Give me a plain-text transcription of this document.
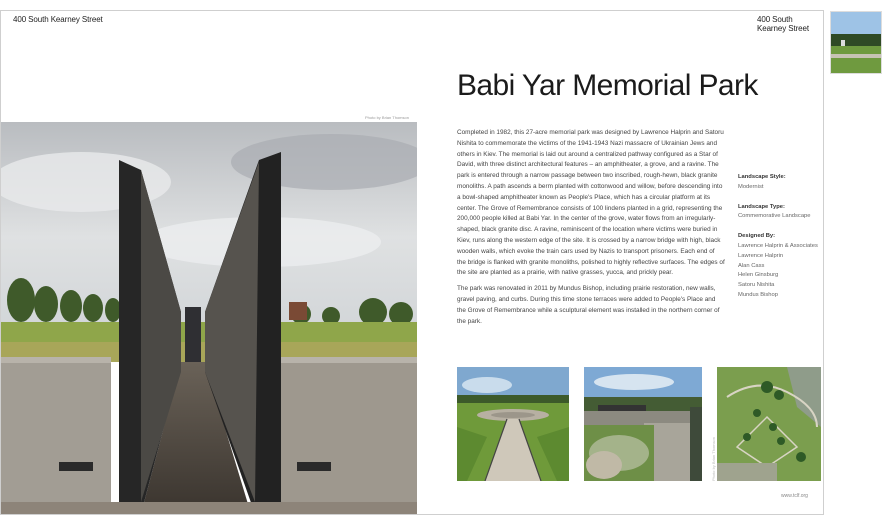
400 South Kearney Street	400 South Kearney Street
Photo by Brian Thomson
Babi Yar Memorial Park

Completed in 1982, this 27-acre memorial park was designed by Lawrence Halprin and Satoru Nishita to commemorate the victims of the 1941-1943 Nazi massacre of Ukrainian Jews and others in Kiev. The memorial is laid out around a centralized pathway configured as a Star of David, with three distinct architectural features – an amphitheater, a grove, and a ravine. The park is entered through a narrow passage between two inscribed, rough-hewn, black granite monoliths. A path ascends a berm planted with cottonwood and willow, before descending into a bowl-shaped amphitheater known as People's Place, which has a circular platform at its center. The Grove of Remembrance consists of 100 lindens planted in a grid, representing the 200,000 people killed at Babi Yar. In the center of the grove, water flows from an irregularly-shaped, black granite disc. A ravine, reminiscent of the location where victims were buried in Kiev, runs along the western edge of the site. It is crossed by a narrow bridge with high, black wooden walls, which evoke the train cars used by Nazis to transport prisoners. Each end of the bridge is flanked with granite monoliths, polished to highly reflective surfaces. The edges of the site are planted as a prairie, with native grasses, yucca, and prickly pear.

The park was renovated in 2011 by Mundus Bishop, including prairie restoration, new walls, gravel paving, and curbs. During this time stone terraces were added to People's Place and the Grove of Remembrance while a sculptural element was installed in the northern corner of the park.

Landscape Style:
Modernist
Landscape Type:
Commemorative Landscape
Designed By:
Lawrence Halprin & Associates
Lawrence Halprin
Alan Cass
Helen Ginsburg
Satoru Nishita
Mundus Bishop
Photo by Brian Thomson
www.tclf.org
